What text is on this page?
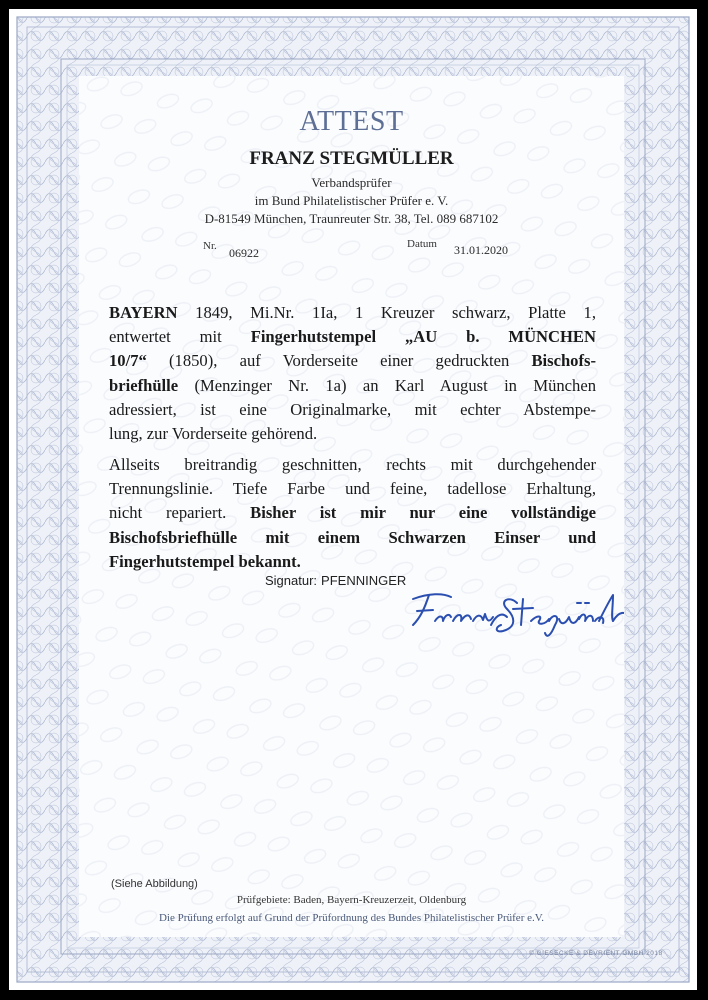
ATTEST
FRANZ STEGMÜLLER
Verbandsprüfer
im Bund Philatelistischer Prüfer e. V.
D-81549 München, Traunreuter Str. 38, Tel. 089 687102
Nr. 06922
Datum 31.01.2020
BAYERN 1849, Mi.Nr. 1Ia, 1 Kreuzer schwarz, Platte 1,
entwertet mit Fingerhutstempel „AU b. MÜNCHEN
10/7“ (1850), auf Vorderseite einer gedruckten Bischofs-
briefhülle (Menzinger Nr. 1a) an Karl August in München
adressiert, ist eine Originalmarke, mit echter Abstempe-
lung, zur Vorderseite gehörend.
Allseits breitrandig geschnitten, rechts mit durchgehender
Trennungslinie. Tiefe Farbe und feine, tadellose Erhaltung,
nicht repariert. Bisher ist mir nur eine vollständige
Bischofsbriefhülle mit einem Schwarzen Einser und
Fingerhutstempel bekannt.
Signatur: PFENNINGER
(Siehe Abbildung)
Prüfgebiete: Baden, Bayern-Kreuzerzeit, Oldenburg
Die Prüfung erfolgt auf Grund der Prüfordnung des Bundes Philatelistischer Prüfer e.V.
© GIESECKE & DEVRIENT GMBH 2018
